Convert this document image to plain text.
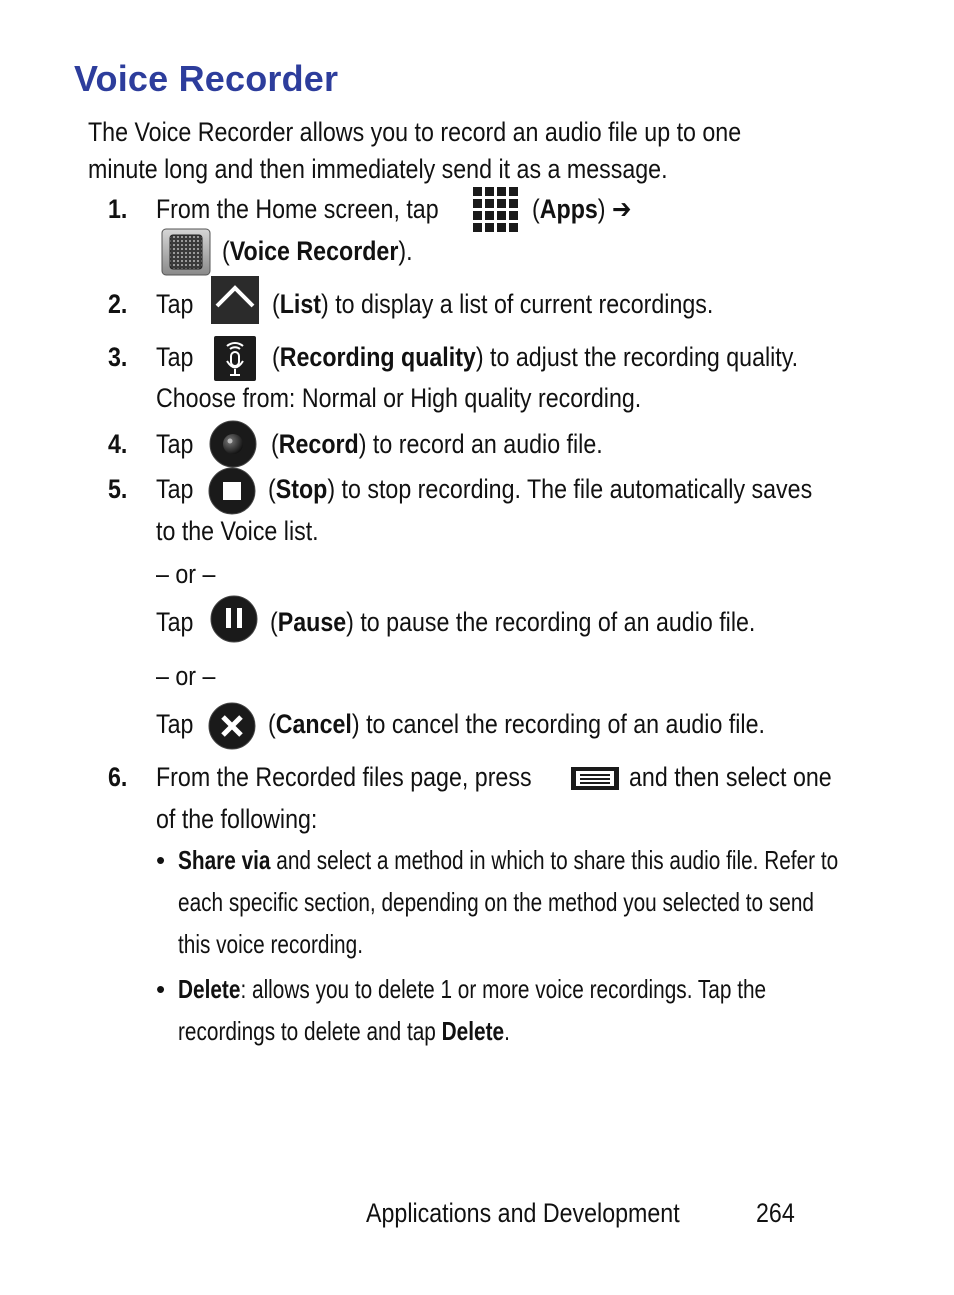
Voice Recorder

The Voice Recorder allows you to record an audio file up to one
minute long and then immediately send it as a message.

1. From the Home screen, tap	(Apps) ➔
(Voice Recorder).
2. Tap	(List) to display a list of current recordings.
3. Tap	(Recording quality) to adjust the recording quality.
Choose from: Normal or High quality recording.
4. Tap	(Record) to record an audio file.
5. Tap	(Stop) to stop recording. The file automatically saves
to the Voice list.
– or –
Tap	(Pause) to pause the recording of an audio file.
– or –
Tap	(Cancel) to cancel the recording of an audio file.
6. From the Recorded files page, press	and then select one
of the following:
• Share via and select a method in which to share this audio file. Refer to
each specific section, depending on the method you selected to send
this voice recording.
• Delete: allows you to delete 1 or more voice recordings. Tap the
recordings to delete and tap Delete.
Applications and Development	264
